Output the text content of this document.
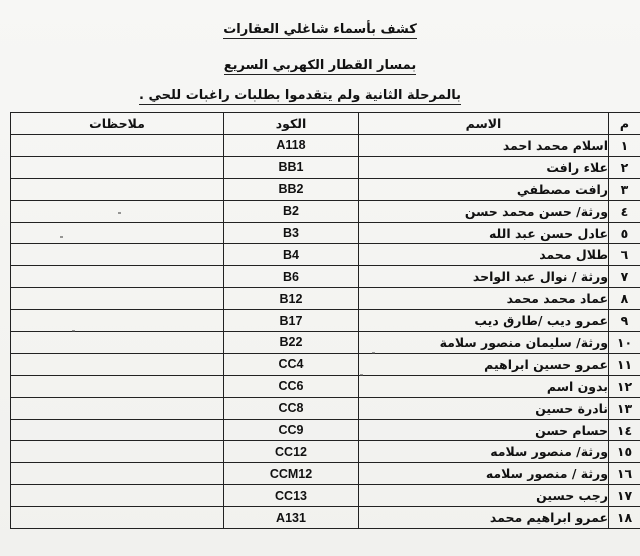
كشف بأسماء شاغلي العقارات
بمسار القطار الكهربي السريع
بالمرحلة الثانية ولم يتقدموا بطلبات راغبات للحي .
م	الاسم	الكود	ملاحظات
١	اسلام محمد احمد	A118	
٢	علاء رافت	BB1	
٣	رافت مصطفي	BB2	
٤	ورثة/ حسن محمد حسن	B2	
٥	عادل حسن عبد الله	B3	
٦	طلال محمد	B4	
٧	ورثة / نوال عبد الواحد	B6	
٨	عماد محمد محمد	B12	
٩	عمرو ديب /طارق ديب	B17	
١٠	ورثة/ سليمان منصور سلامة	B22	
١١	عمرو حسين ابراهيم	CC4	
١٢	بدون اسم	CC6	
١٣	نادرة حسين	CC8	
١٤	حسام حسن	CC9	
١٥	ورثة/ منصور سلامه	CC12	
١٦	ورثة / منصور سلامه	CCM12	
١٧	رجب حسين	CC13	
١٨	عمرو ابراهيم محمد	A131	
